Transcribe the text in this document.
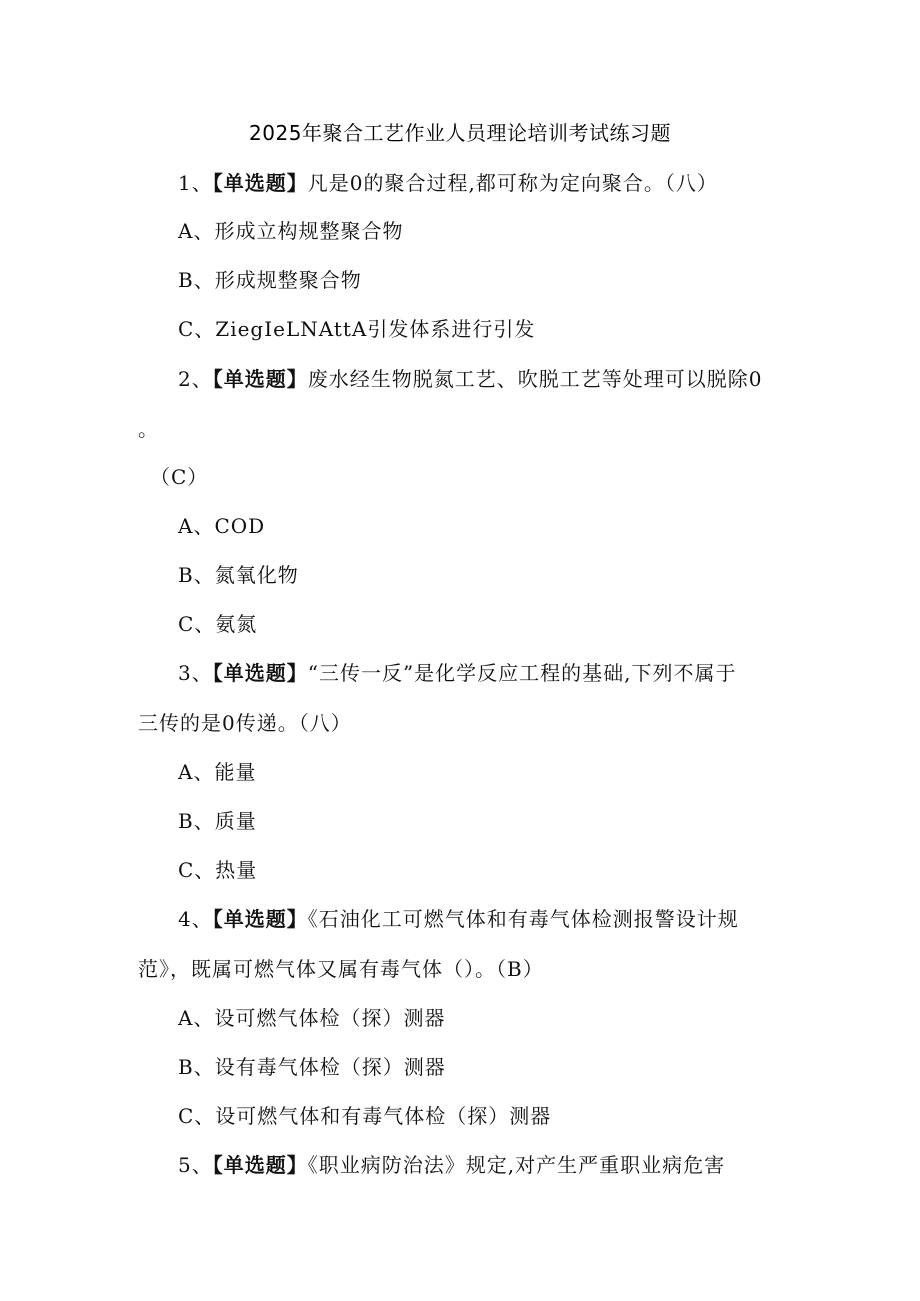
2025年聚合工艺作业人员理论培训考试练习题
1、【单选题】凡是0的聚合过程,都可称为定向聚合。（八）
A、形成立构规整聚合物
B、形成规整聚合物
C、ZiegIeLNAttA引发体系进行引发
2、【单选题】废水经生物脱氮工艺、吹脱工艺等处理可以脱除0
。
（C）
A、COD
B、氮氧化物
C、氨氮
3、【单选题】“三传一反”是化学反应工程的基础,下列不属于
三传的是0传递。（八）
A、能量
B、质量
C、热量
4、【单选题】《石油化工可燃气体和有毒气体检测报警设计规
范》，既属可燃气体又属有毒气体（）。（B）
A、设可燃气体检（探）测器
B、设有毒气体检（探）测器
C、设可燃气体和有毒气体检（探）测器
5、【单选题】《职业病防治法》规定,对产生严重职业病危害
